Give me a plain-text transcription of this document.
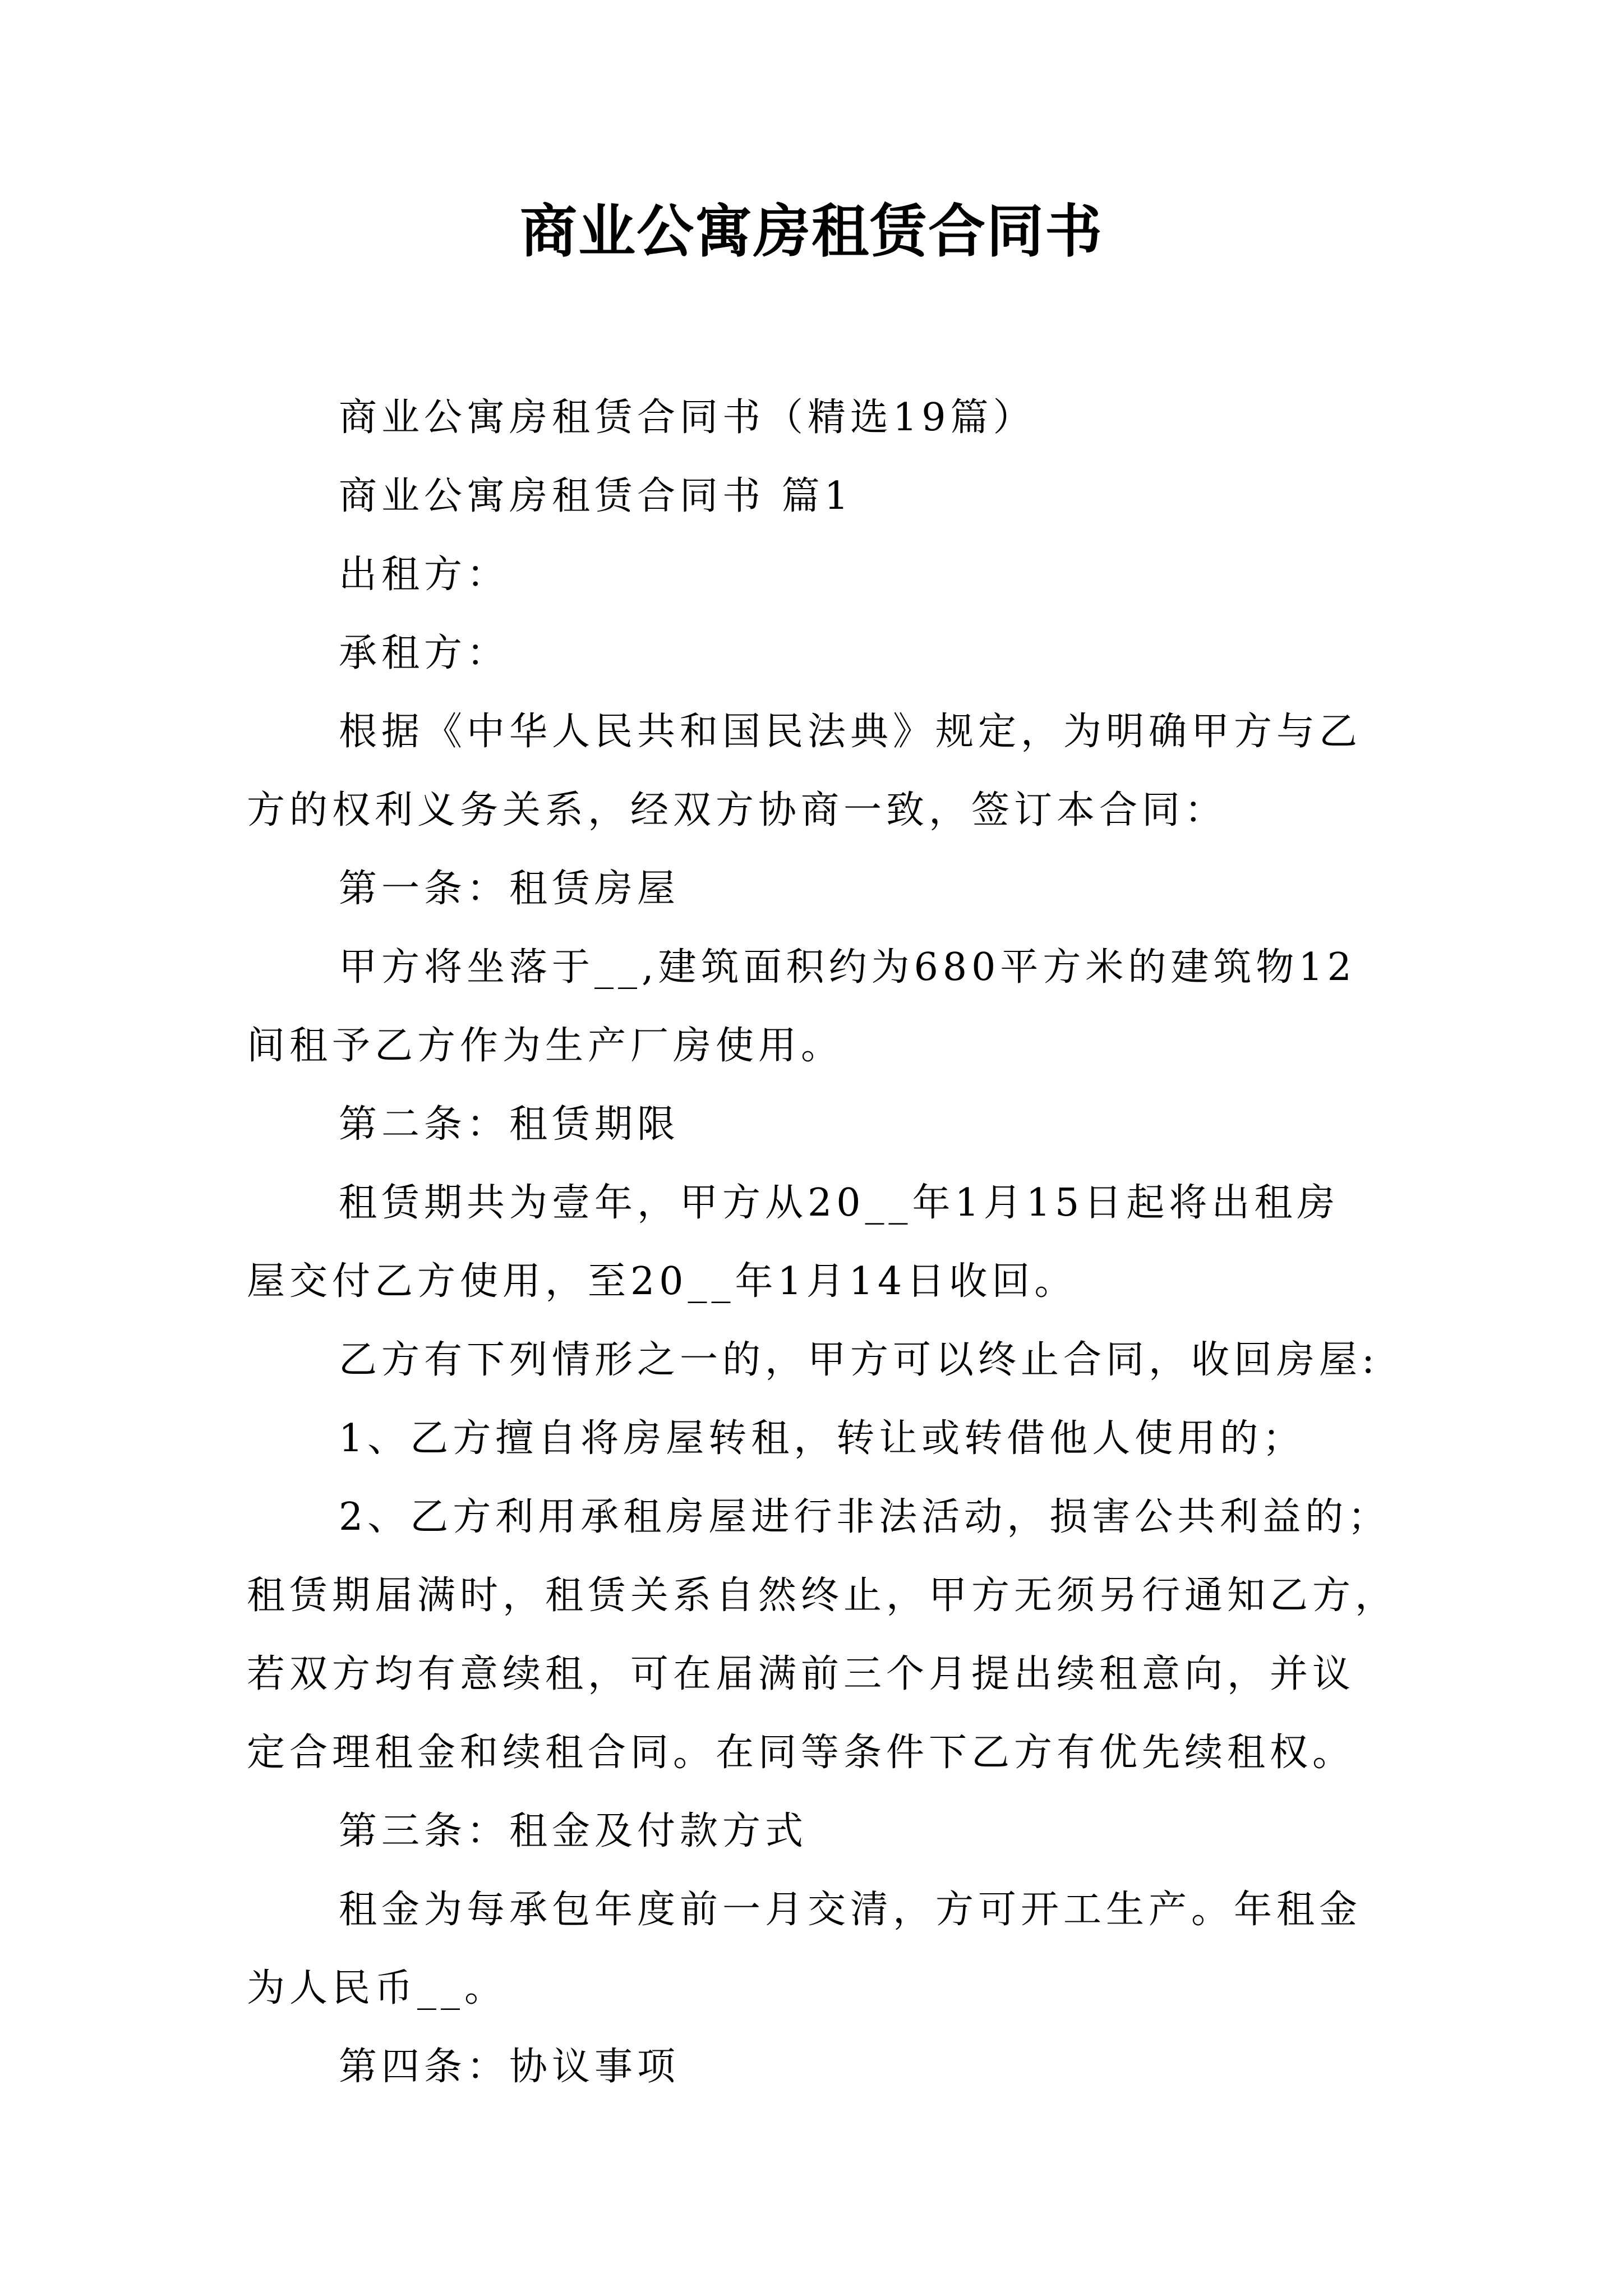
商业公寓房租赁合同书
商业公寓房租赁合同书（精选19篇）
商业公寓房租赁合同书 篇1
出租方：
承租方：
根据《中华人民共和国民法典》规定，为明确甲方与乙
方的权利义务关系，经双方协商一致，签订本合同：
第一条：租赁房屋
甲方将坐落于__,建筑面积约为680平方米的建筑物12
间租予乙方作为生产厂房使用。
第二条：租赁期限
租赁期共为壹年，甲方从20__年1月15日起将出租房
屋交付乙方使用，至20__年1月14日收回。
乙方有下列情形之一的，甲方可以终止合同，收回房屋:
1、乙方擅自将房屋转租，转让或转借他人使用的；
2、乙方利用承租房屋进行非法活动，损害公共利益的；
租赁期届满时，租赁关系自然终止，甲方无须另行通知乙方，
若双方均有意续租，可在届满前三个月提出续租意向，并议
定合理租金和续租合同。在同等条件下乙方有优先续租权。
第三条：租金及付款方式
租金为每承包年度前一月交清，方可开工生产。年租金
为人民币__。
第四条：协议事项
